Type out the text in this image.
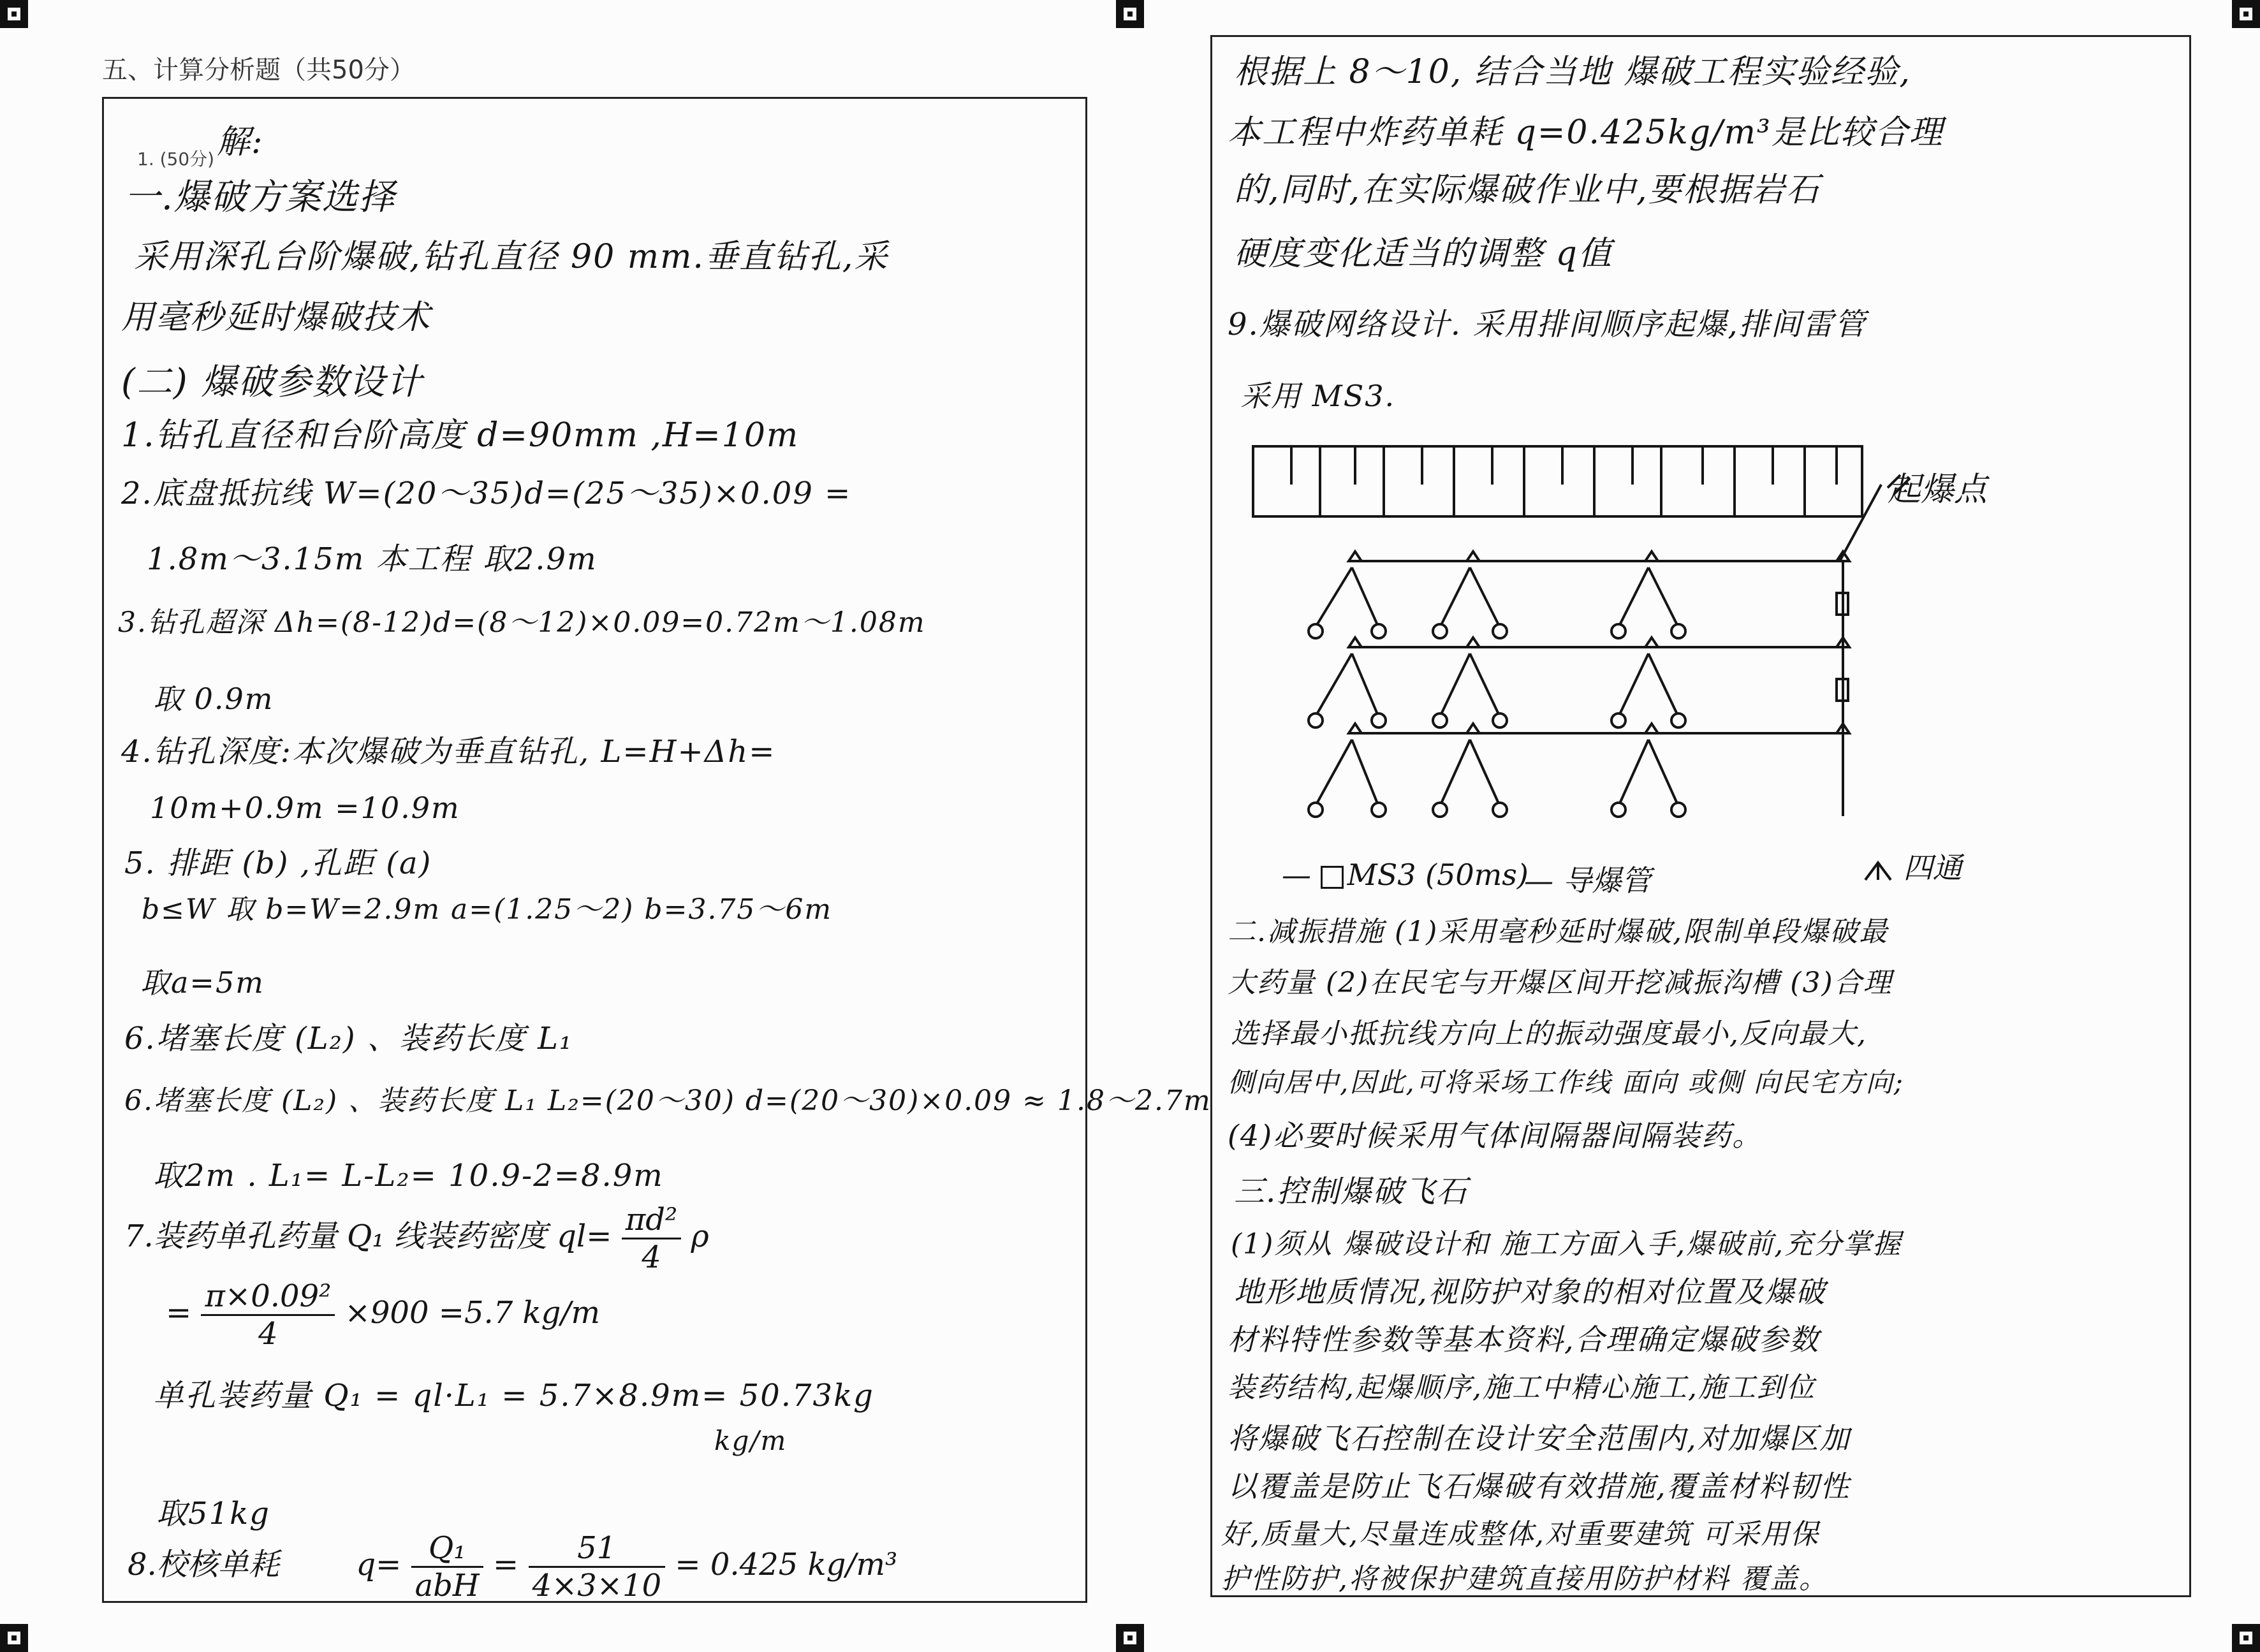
五、计算分析题（共50分）
1. (50分) 解:
一.爆破方案选择
采用深孔台阶爆破,钻孔直径 90 mm.垂直钻孔,采
用毫秒延时爆破技术
(二) 爆破参数设计
1.钻孔直径和台阶高度 d=90mm ,H=10m
2.底盘抵抗线 W=(20～35)d=(25～35)×0.09 =
1.8m～3.15m 本工程 取2.9m
3.钻孔超深 Δh=(8-12)d=(8～12)×0.09=0.72m～1.08m
取 0.9m
4.钻孔深度:本次爆破为垂直钻孔, L=H+Δh=
10m+0.9m =10.9m
5. 排距 (b) ,孔距 (a)
b≤W 取 b=W=2.9m a=(1.25～2) b=3.75～6m
取a=5m
6.堵塞长度 (L₂) 、装药长度 L₁
6.堵塞长度 (L₂) 、装药长度 L₁ L₂=(20～30) d=(20～30)×0.09 ≈ 1.8～2.7m
取2m . L₁= L-L₂= 10.9-2=8.9m
7.装药单孔药量 Q₁ 线装药密度 $ql= \frac{\text{πd²}}{4}$ ρ
= $\frac{\text{π×0.09²}}{4} \times 900 =5.7$ kg/m
单孔装药量 Q₁ = ql·L₁ = 5.7×8.9m= 50.73kg
kg/m
取51kg
8.校核单耗	$q= \frac{\text{Q₁}}{\text{abH}} = \frac{51}{4\times 3\times 10} = 0.425$ kg/m³
根据上 8～10, 结合当地 爆破工程实验经验,
本工程中炸药单耗 q=0.425kg/m³是比较合理
的,同时,在实际爆破作业中,要根据岩石
硬度变化适当的调整 q值
9.爆破网络设计. 采用排间顺序起爆,排间雷管
采用 MS3.
起爆点
— MS3 (50ms)
— 导爆管	四通
二.减振措施 (1)采用毫秒延时爆破,限制单段爆破最
大药量 (2)在民宅与开爆区间开挖减振沟槽 (3)合理
选择最小抵抗线方向上的振动强度最小,反向最大,
侧向居中,因此,可将采场工作线 面向 或侧 向民宅方向;
(4)必要时候采用气体间隔器间隔装药。
三.控制爆破飞石
(1)须从 爆破设计和 施工方面入手,爆破前,充分掌握
地形地质情况,视防护对象的相对位置及爆破
材料特性参数等基本资料,合理确定爆破参数
装药结构,起爆顺序,施工中精心施工,施工到位
将爆破飞石控制在设计安全范围内,对加爆区加
以覆盖是防止飞石爆破有效措施,覆盖材料韧性
好,质量大,尽量连成整体,对重要建筑 可采用保
护性防护,将被保护建筑直接用防护材料 覆盖。
